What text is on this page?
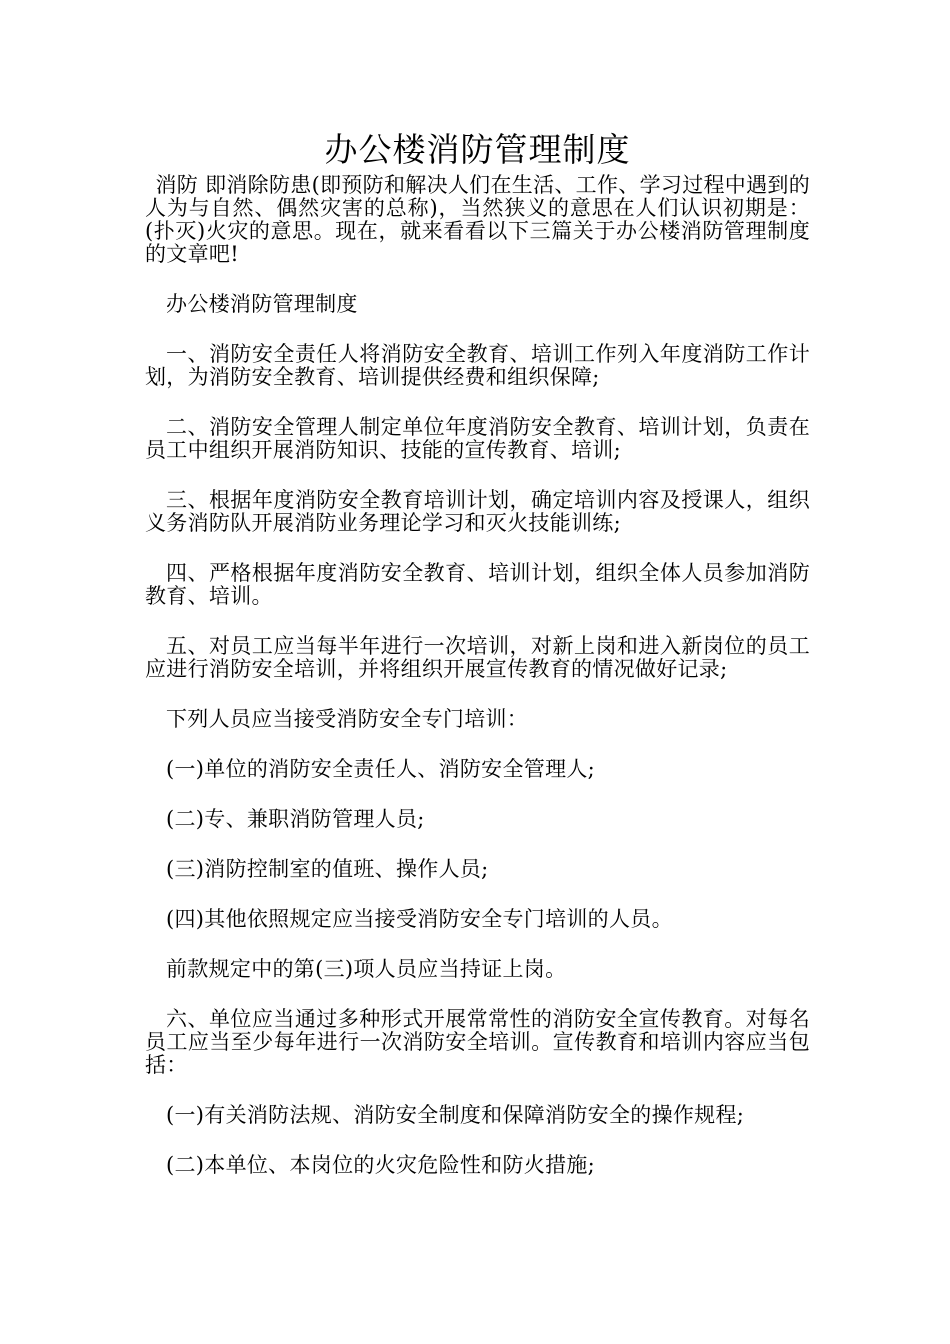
办公楼消防管理制度

消防 即消除防患(即预防和解决人们在生活、工作、学习过程中遇到的人为与自然、偶然灾害的总称)，当然狭义的意思在人们认识初期是：(扑灭)火灾的意思。现在，就来看看以下三篇关于办公楼消防管理制度的文章吧!

办公楼消防管理制度

一、消防安全责任人将消防安全教育、培训工作列入年度消防工作计划，为消防安全教育、培训提供经费和组织保障;

二、消防安全管理人制定单位年度消防安全教育、培训计划，负责在员工中组织开展消防知识、技能的宣传教育、培训;

三、根据年度消防安全教育培训计划，确定培训内容及授课人，组织义务消防队开展消防业务理论学习和灭火技能训练;

四、严格根据年度消防安全教育、培训计划，组织全体人员参加消防教育、培训。

五、对员工应当每半年进行一次培训，对新上岗和进入新岗位的员工应进行消防安全培训，并将组织开展宣传教育的情况做好记录;

下列人员应当接受消防安全专门培训：

(一)单位的消防安全责任人、消防安全管理人;

(二)专、兼职消防管理人员;

(三)消防控制室的值班、操作人员;

(四)其他依照规定应当接受消防安全专门培训的人员。

前款规定中的第(三)项人员应当持证上岗。

六、单位应当通过多种形式开展常常性的消防安全宣传教育。对每名员工应当至少每年进行一次消防安全培训。宣传教育和培训内容应当包括：

(一)有关消防法规、消防安全制度和保障消防安全的操作规程;

(二)本单位、本岗位的火灾危险性和防火措施;
